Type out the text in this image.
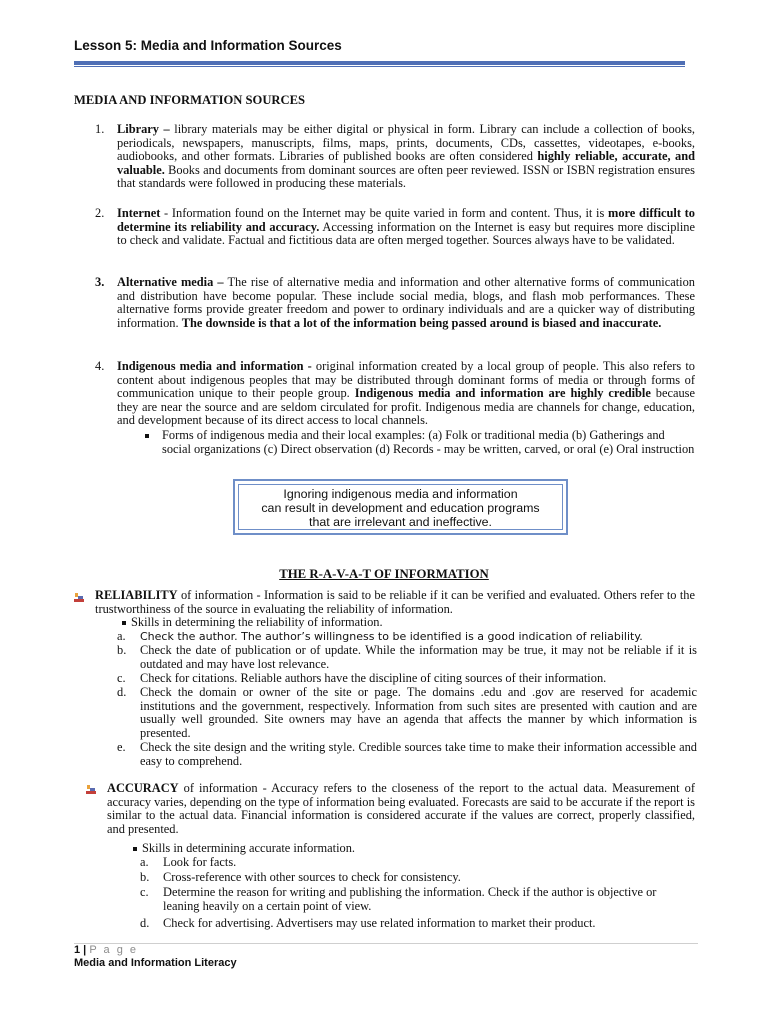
Lesson 5: Media and Information Sources
MEDIA AND INFORMATION SOURCES
1. Library – library materials may be either digital or physical in form. Library can include a collection of books, periodicals, newspapers, manuscripts, films, maps, prints, documents, CDs, cassettes, videotapes, e-books, audiobooks, and other formats. Libraries of published books are often considered highly reliable, accurate, and valuable. Books and documents from dominant sources are often peer reviewed. ISSN or ISBN registration ensures that standards were followed in producing these materials.
2. Internet - Information found on the Internet may be quite varied in form and content. Thus, it is more difficult to determine its reliability and accuracy. Accessing information on the Internet is easy but requires more discipline to check and validate. Factual and fictitious data are often merged together. Sources always have to be validated.
3. Alternative media – The rise of alternative media and information and other alternative forms of communication and distribution have become popular. These include social media, blogs, and flash mob performances. These alternative forms provide greater freedom and power to ordinary individuals and are a quicker way of distributing information. The downside is that a lot of the information being passed around is biased and inaccurate.
4. Indigenous media and information - original information created by a local group of people. This also refers to content about indigenous peoples that may be distributed through dominant forms of media or through forms of communication unique to their people group. Indigenous media and information are highly credible because they are near the source and are seldom circulated for profit. Indigenous media are channels for change, education, and development because of its direct access to local channels.
Forms of indigenous media and their local examples: (a) Folk or traditional media (b) Gatherings and social organizations (c) Direct observation (d) Records - may be written, carved, or oral (e) Oral instruction
Ignoring indigenous media and information
can result in development and education programs
that are irrelevant and ineffective.
THE R-A-V-A-T OF INFORMATION
RELIABILITY of information - Information is said to be reliable if it can be verified and evaluated. Others refer to the trustworthiness of the source in evaluating the reliability of information.
Skills in determining the reliability of information.
a. Check the author. The author’s willingness to be identified is a good indication of reliability.
b. Check the date of publication or of update. While the information may be true, it may not be reliable if it is outdated and may have lost relevance.
c. Check for citations. Reliable authors have the discipline of citing sources of their information.
d. Check the domain or owner of the site or page. The domains .edu and .gov are reserved for academic institutions and the government, respectively. Information from such sites are presented with caution and are usually well grounded. Site owners may have an agenda that affects the manner by which information is presented.
e. Check the site design and the writing style. Credible sources take time to make their information accessible and easy to comprehend.
ACCURACY of information - Accuracy refers to the closeness of the report to the actual data. Measurement of accuracy varies, depending on the type of information being evaluated. Forecasts are said to be accurate if the report is similar to the actual data. Financial information is considered accurate if the values are correct, properly classified, and presented.
Skills in determining accurate information.
a. Look for facts.
b. Cross-reference with other sources to check for consistency.
c. Determine the reason for writing and publishing the information. Check if the author is objective or leaning heavily on a certain point of view.
d. Check for advertising. Advertisers may use related information to market their product.
1 | P a g e
Media and Information Literacy
